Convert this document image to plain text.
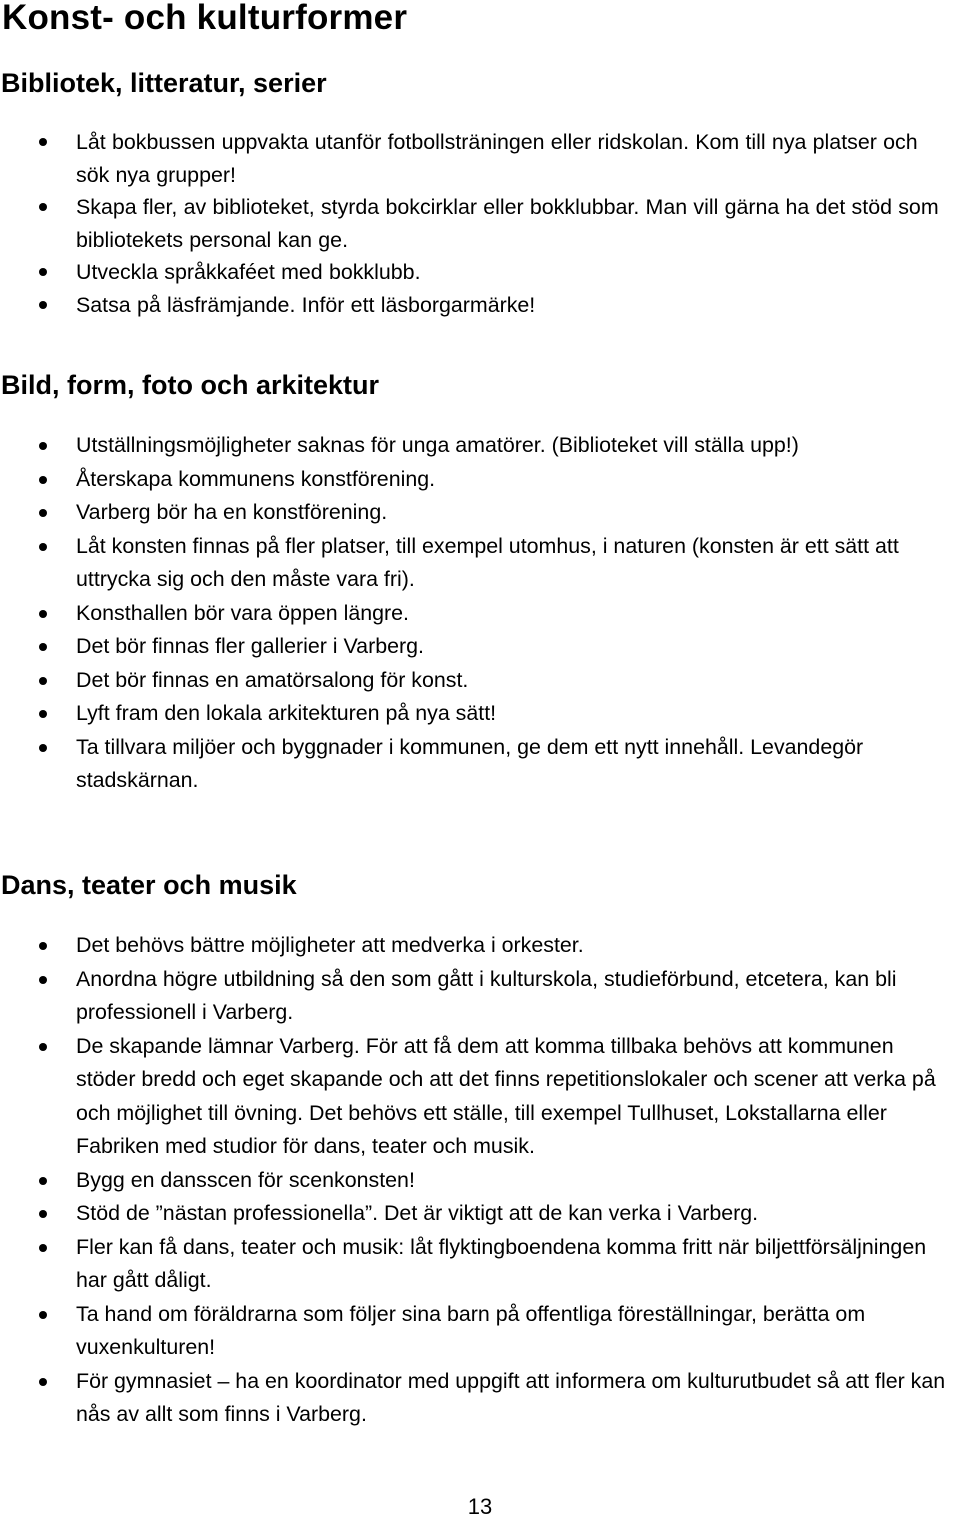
Konst- och kulturformer
Bibliotek, litteratur, serier
Låt bokbussen uppvakta utanför fotbollsträningen eller ridskolan. Kom till nya platser och sök nya grupper!
Skapa fler, av biblioteket, styrda bokcirklar eller bokklubbar. Man vill gärna ha det stöd som bibliotekets personal kan ge.
Utveckla språkkaféet med bokklubb.
Satsa på läsfrämjande. Inför ett läsborgarmärke!
Bild, form, foto och arkitektur
Utställningsmöjligheter saknas för unga amatörer. (Biblioteket vill ställa upp!)
Återskapa kommunens konstförening.
Varberg bör ha en konstförening.
Låt konsten finnas på fler platser, till exempel utomhus, i naturen (konsten är ett sätt att uttrycka sig och den måste vara fri).
Konsthallen bör vara öppen längre.
Det bör finnas fler gallerier i Varberg.
Det bör finnas en amatörsalong för konst.
Lyft fram den lokala arkitekturen på nya sätt!
Ta tillvara miljöer och byggnader i kommunen, ge dem ett nytt innehåll. Levandegör stadskärnan.
Dans, teater och musik
Det behövs bättre möjligheter att medverka i orkester.
Anordna högre utbildning så den som gått i kulturskola, studieförbund, etcetera, kan bli professionell i Varberg.
De skapande lämnar Varberg. För att få dem att komma tillbaka behövs att kommunen stöder bredd och eget skapande och att det finns repetitionslokaler och scener att verka på och möjlighet till övning. Det behövs ett ställe, till exempel Tullhuset, Lokstallarna eller Fabriken med studior för dans, teater och musik.
Bygg en dansscen för scenkonsten!
Stöd de ”nästan professionella”. Det är viktigt att de kan verka i Varberg.
Fler kan få dans, teater och musik: låt flyktingboendena komma fritt när biljettförsäljningen har gått dåligt.
Ta hand om föräldrarna som följer sina barn på offentliga föreställningar, berätta om vuxenkulturen!
För gymnasiet – ha en koordinator med uppgift att informera om kulturutbudet så att fler kan nås av allt som finns i Varberg.
13
